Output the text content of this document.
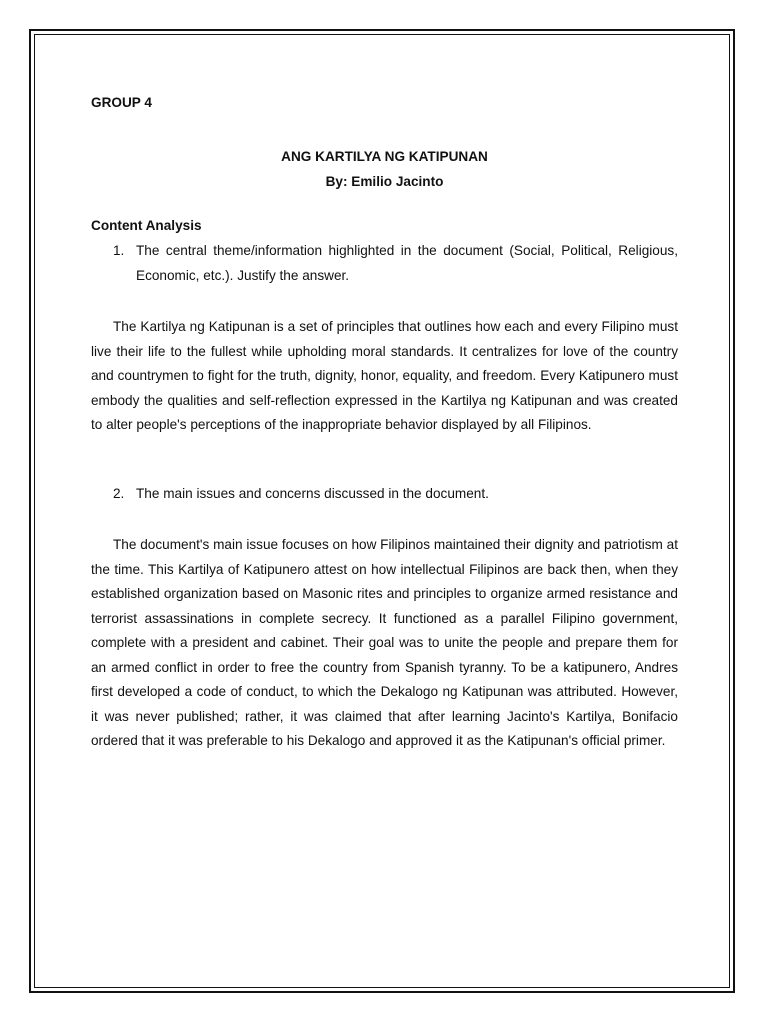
GROUP 4

ANG KARTILYA NG KATIPUNAN

By: Emilio Jacinto

Content Analysis

1. The central theme/information highlighted in the document (Social, Political, Religious, Economic, etc.). Justify the answer.

The Kartilya ng Katipunan is a set of principles that outlines how each and every Filipino must live their life to the fullest while upholding moral standards. It centralizes for love of the country and countrymen to fight for the truth, dignity, honor, equality, and freedom. Every Katipunero must embody the qualities and self-reflection expressed in the Kartilya ng Katipunan and was created to alter people's perceptions of the inappropriate behavior displayed by all Filipinos.

2. The main issues and concerns discussed in the document.

The document's main issue focuses on how Filipinos maintained their dignity and patriotism at the time. This Kartilya of Katipunero attest on how intellectual Filipinos are back then, when they established organization based on Masonic rites and principles to organize armed resistance and terrorist assassinations in complete secrecy. It functioned as a parallel Filipino government, complete with a president and cabinet. Their goal was to unite the people and prepare them for an armed conflict in order to free the country from Spanish tyranny. To be a katipunero, Andres first developed a code of conduct, to which the Dekalogo ng Katipunan was attributed. However, it was never published; rather, it was claimed that after learning Jacinto's Kartilya, Bonifacio ordered that it was preferable to his Dekalogo and approved it as the Katipunan's official primer.
